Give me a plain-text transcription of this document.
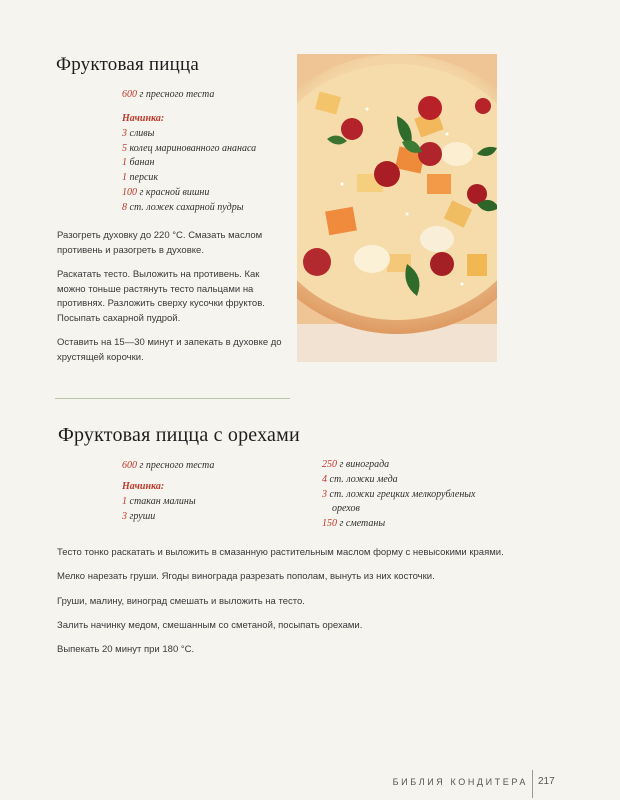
Фруктовая пицца
600 г пресного теста
Начинка:
3 сливы
5 колец маринованного ананаса
1 банан
1 персик
100 г красной вишни
8 ст. ложек сахарной пудры

Разогреть духовку до 220 °С. Смазать маслом противень и разогреть в духовке.

Раскатать тесто. Выложить на противень. Как можно тоньше растянуть тесто пальцами на противнях. Разложить сверху кусочки фруктов. Посыпать сахарной пудрой.

Оставить на 15—30 минут и запекать в духовке до хрустящей корочки.

Фруктовая пицца с орехами
600 г пресного теста
Начинка:
1 стакан малины
3 груши
250 г винограда
4 ст. ложки меда
3 ст. ложки грецких мелкорубленых орехов
150 г сметаны

Тесто тонко раскатать и выложить в смазанную растительным маслом форму с невысокими краями.

Мелко нарезать груши. Ягоды винограда разрезать пополам, вынуть из них косточки.

Груши, малину, виноград смешать и выложить на тесто.

Залить начинку медом, смешанным со сметаной, посыпать орехами.

Выпекать 20 минут при 180 °С.

БИБЛИЯ КОНДИТЕРА 217
